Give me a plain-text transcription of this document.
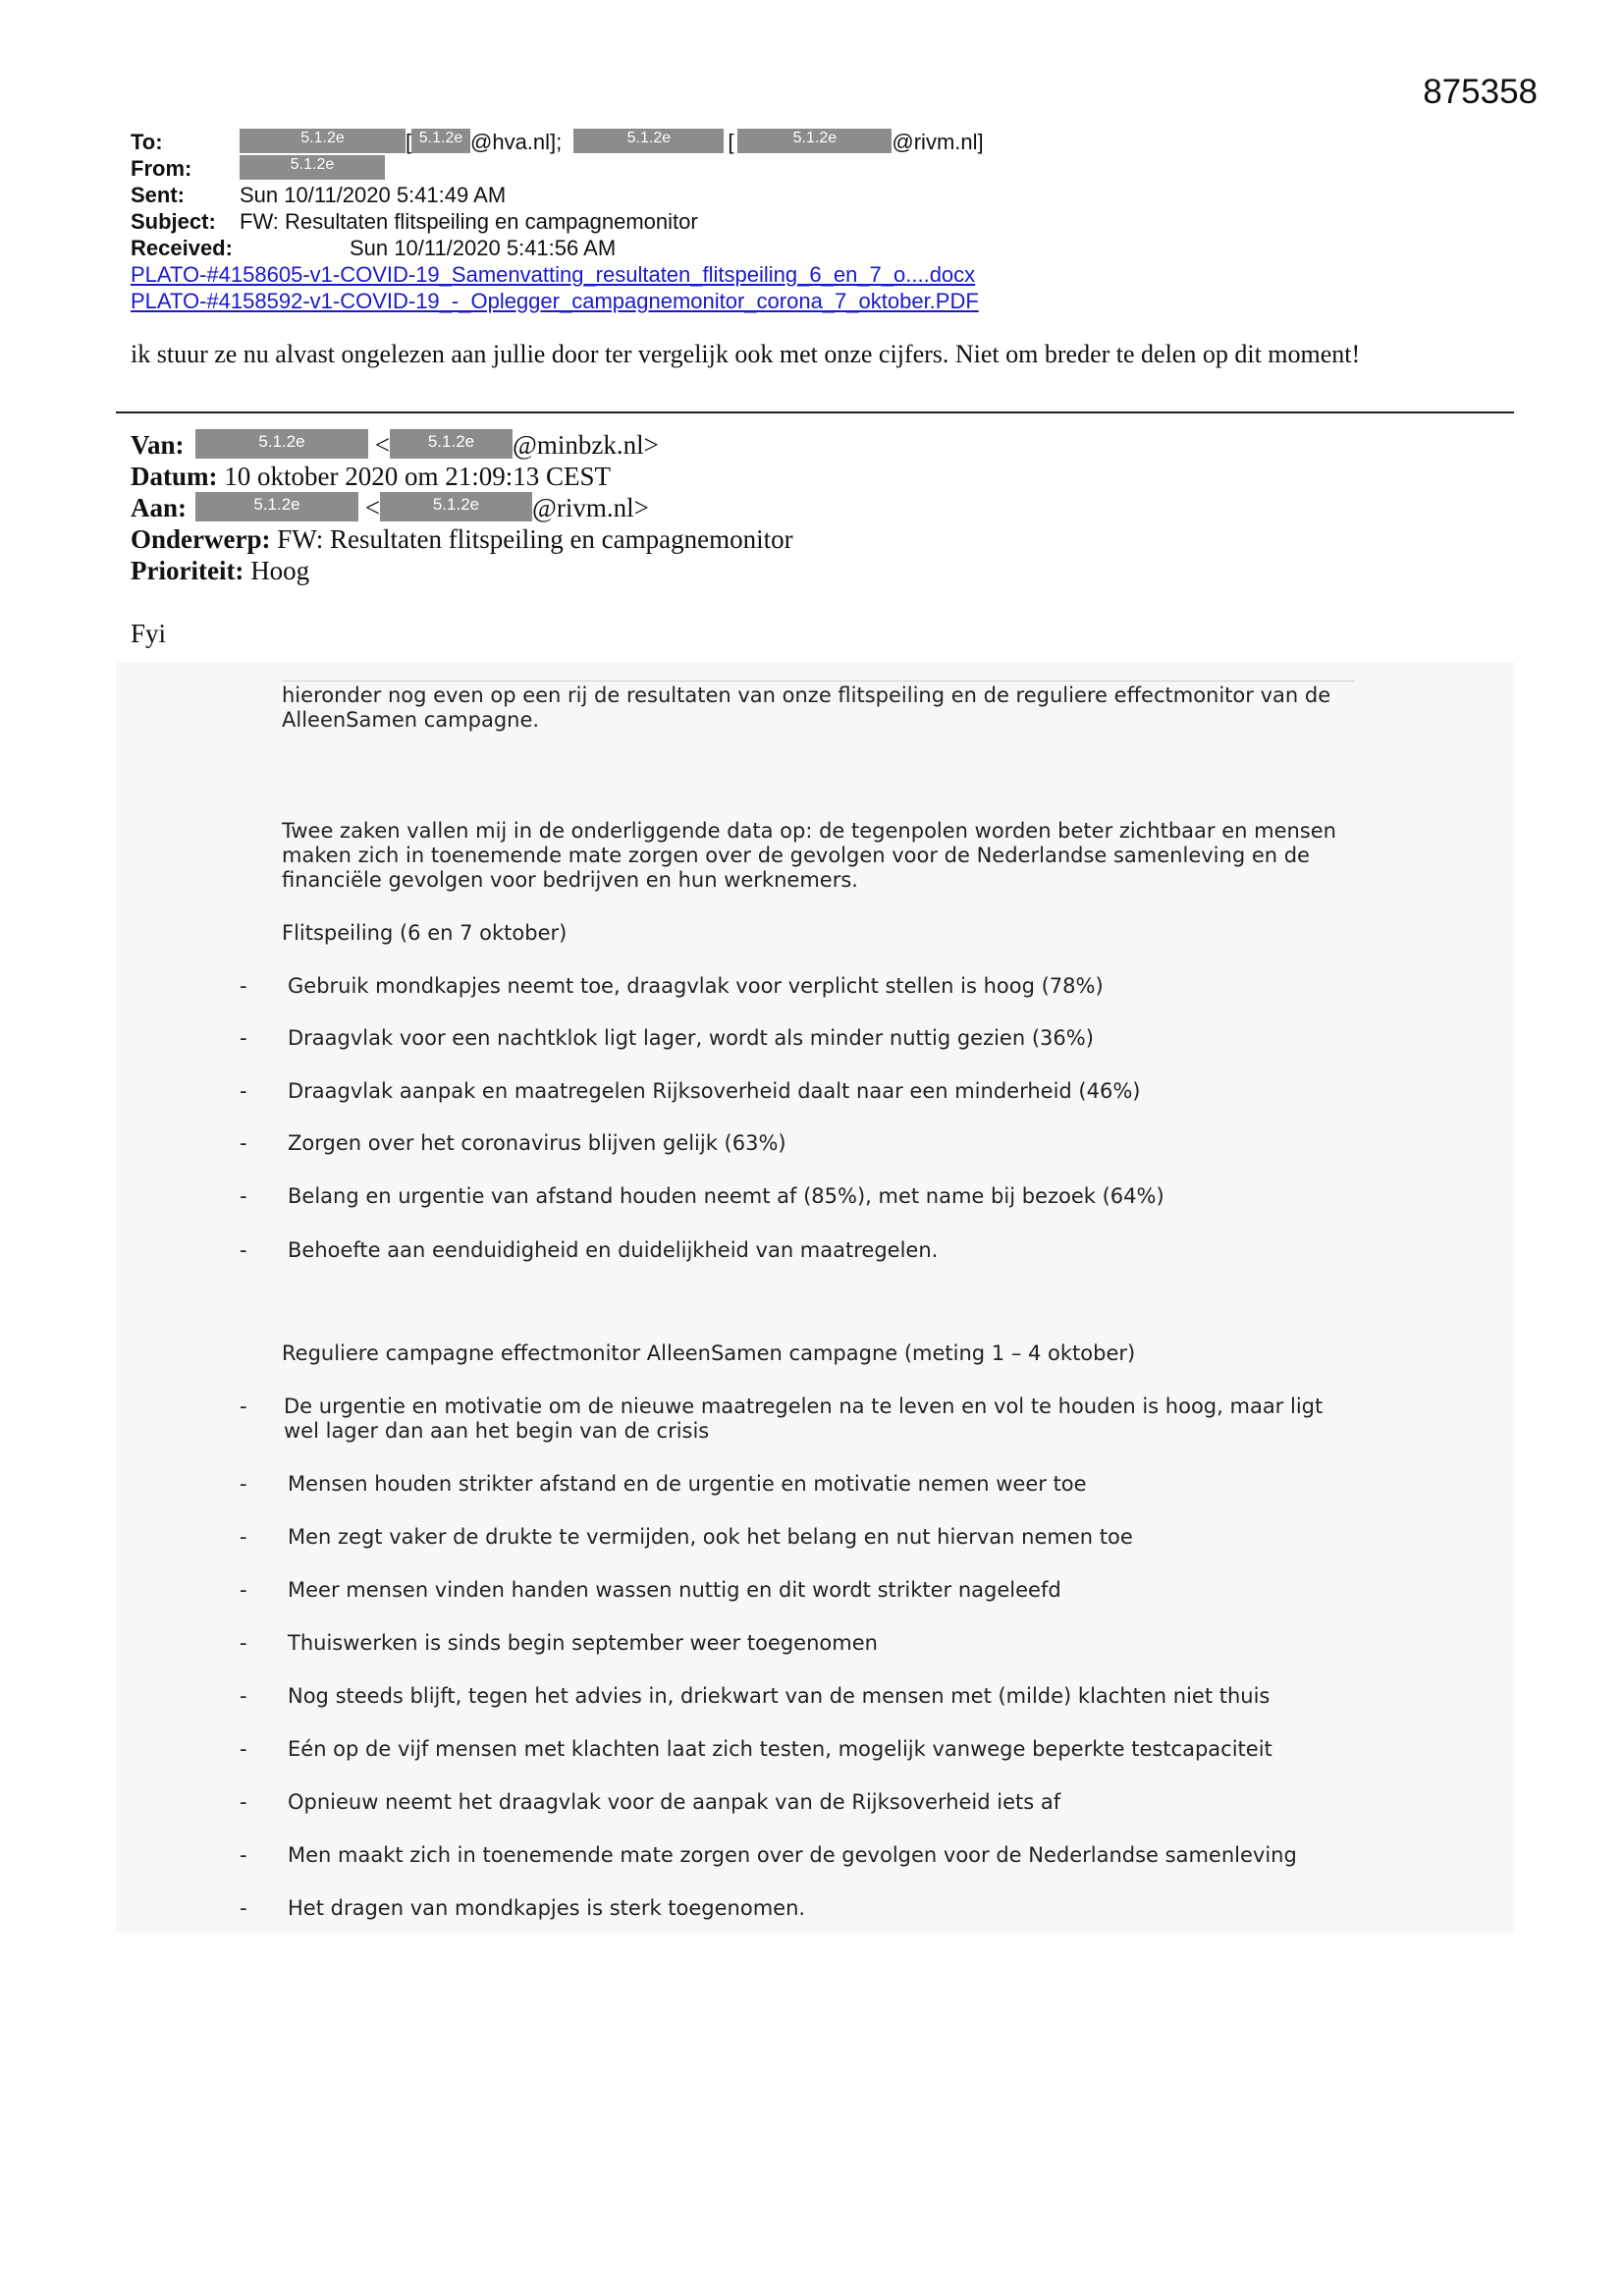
875358
To:	5.1.2e	[ 5.1.2e @hva.nl];	5.1.2e	[	5.1.2e	@rivm.nl]
From:	5.1.2e
Sent:	Sun 10/11/2020 5:41:49 AM
Subject: FW: Resultaten flitspeiling en campagnemonitor
Received:	Sun 10/11/2020 5:41:56 AM
PLATO-#4158605-v1-COVID-19_Samenvatting_resultaten_flitspeiling_6_en_7_o....docx
PLATO-#4158592-v1-COVID-19_-_Oplegger_campagnemonitor_corona_7_oktober.PDF
ik stuur ze nu alvast ongelezen aan jullie door ter vergelijk ook met onze cijfers. Niet om breder te delen op dit moment!
Van:	5.1.2e	< 5.1.2e @minbzk.nl>
Datum: 10 oktober 2020 om 21:09:13 CEST
Aan:	5.1.2e <	5.1.2e @rivm.nl>
Onderwerp: FW: Resultaten flitspeiling en campagnemonitor
Prioriteit: Hoog
Fyi
hieronder nog even op een rij de resultaten van onze flitspeiling en de reguliere effectmonitor van de AlleenSamen campagne.
Twee zaken vallen mij in de onderliggende data op: de tegenpolen worden beter zichtbaar en mensen maken zich in toenemende mate zorgen over de gevolgen voor de Nederlandse samenleving en de financiële gevolgen voor bedrijven en hun werknemers.
Flitspeiling (6 en 7 oktober)
- Gebruik mondkapjes neemt toe, draagvlak voor verplicht stellen is hoog (78%)
- Draagvlak voor een nachtklok ligt lager, wordt als minder nuttig gezien (36%)
- Draagvlak aanpak en maatregelen Rijksoverheid daalt naar een minderheid (46%)
- Zorgen over het coronavirus blijven gelijk (63%)
- Belang en urgentie van afstand houden neemt af (85%), met name bij bezoek (64%)
- Behoefte aan eenduidigheid en duidelijkheid van maatregelen.
Reguliere campagne effectmonitor AlleenSamen campagne (meting 1 – 4 oktober)
- De urgentie en motivatie om de nieuwe maatregelen na te leven en vol te houden is hoog, maar ligt wel lager dan aan het begin van de crisis
- Mensen houden strikter afstand en de urgentie en motivatie nemen weer toe
- Men zegt vaker de drukte te vermijden, ook het belang en nut hiervan nemen toe
- Meer mensen vinden handen wassen nuttig en dit wordt strikter nageleefd
- Thuiswerken is sinds begin september weer toegenomen
- Nog steeds blijft, tegen het advies in, driekwart van de mensen met (milde) klachten niet thuis
- Eén op de vijf mensen met klachten laat zich testen, mogelijk vanwege beperkte testcapaciteit
- Opnieuw neemt het draagvlak voor de aanpak van de Rijksoverheid iets af
- Men maakt zich in toenemende mate zorgen over de gevolgen voor de Nederlandse samenleving
- Het dragen van mondkapjes is sterk toegenomen.
